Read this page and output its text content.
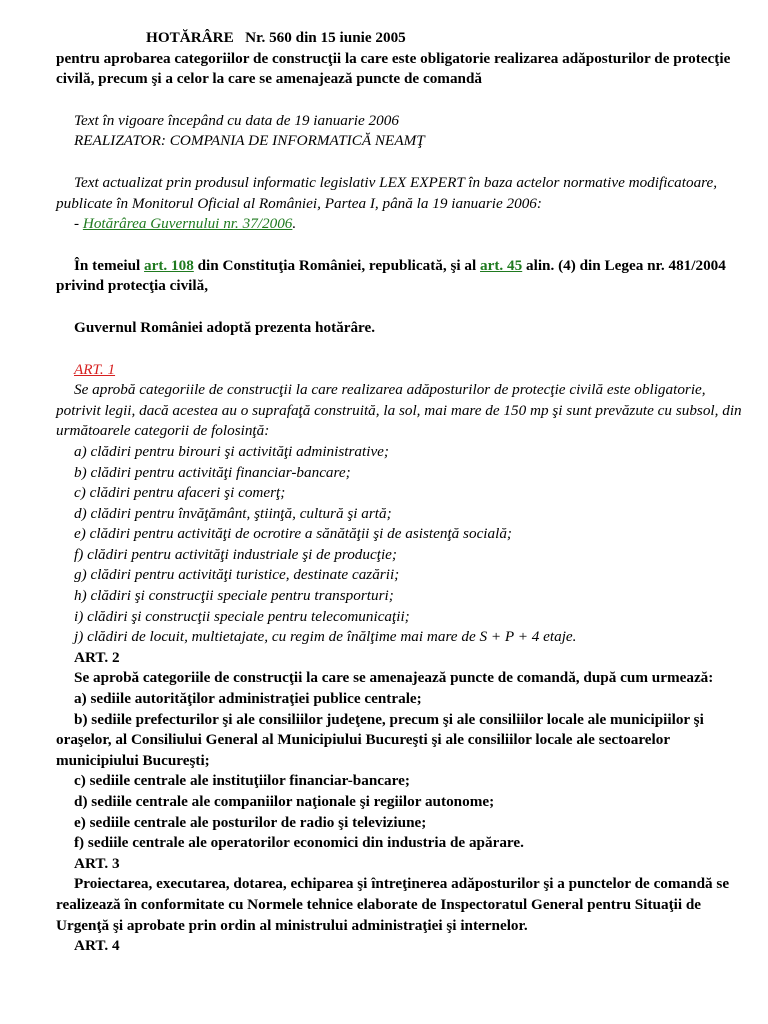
HOTĂRÂRE Nr. 560 din 15 iunie 2005
pentru aprobarea categoriilor de construcţii la care este obligatorie realizarea adăposturilor de protecţie civilă, precum şi a celor la care se amenajează puncte de comandă
Text în vigoare începând cu data de 19 ianuarie 2006
REALIZATOR: COMPANIA DE INFORMATICĂ NEAMŢ
Text actualizat prin produsul informatic legislativ LEX EXPERT în baza actelor normative modificatoare, publicate în Monitorul Oficial al României, Partea I, până la 19 ianuarie 2006:
- Hotărârea Guvernului nr. 37/2006.
În temeiul art. 108 din Constituţia României, republicată, şi al art. 45 alin. (4) din Legea nr. 481/2004 privind protecţia civilă,
Guvernul României adoptă prezenta hotărâre.
ART. 1
Se aprobă categoriile de construcţii la care realizarea adăposturilor de protecţie civilă este obligatorie, potrivit legii, dacă acestea au o suprafaţă construită, la sol, mai mare de 150 mp şi sunt prevăzute cu subsol, din următoarele categorii de folosinţă:
a) clădiri pentru birouri şi activităţi administrative;
b) clădiri pentru activităţi financiar-bancare;
c) clădiri pentru afaceri şi comerţ;
d) clădiri pentru învăţământ, ştiinţă, cultură şi artă;
e) clădiri pentru activităţi de ocrotire a sănătăţii şi de asistenţă socială;
f) clădiri pentru activităţi industriale şi de producţie;
g) clădiri pentru activităţi turistice, destinate cazării;
h) clădiri şi construcţii speciale pentru transporturi;
i) clădiri şi construcţii speciale pentru telecomunicaţii;
j) clădiri de locuit, multietajate, cu regim de înălţime mai mare de S + P + 4 etaje.
ART. 2
Se aprobă categoriile de construcţii la care se amenajează puncte de comandă, după cum urmează:
a) sediile autorităţilor administraţiei publice centrale;
b) sediile prefecturilor şi ale consiliilor judeţene, precum şi ale consiliilor locale ale municipiilor şi oraşelor, al Consiliului General al Municipiului Bucureşti şi ale consiliilor locale ale sectoarelor municipiului Bucureşti;
c) sediile centrale ale instituţiilor financiar-bancare;
d) sediile centrale ale companiilor naţionale şi regiilor autonome;
e) sediile centrale ale posturilor de radio şi televiziune;
f) sediile centrale ale operatorilor economici din industria de apărare.
ART. 3
Proiectarea, executarea, dotarea, echiparea şi întreţinerea adăposturilor şi a punctelor de comandă se realizează în conformitate cu Normele tehnice elaborate de Inspectoratul General pentru Situaţii de Urgenţă şi aprobate prin ordin al ministrului administraţiei şi internelor.
ART. 4
